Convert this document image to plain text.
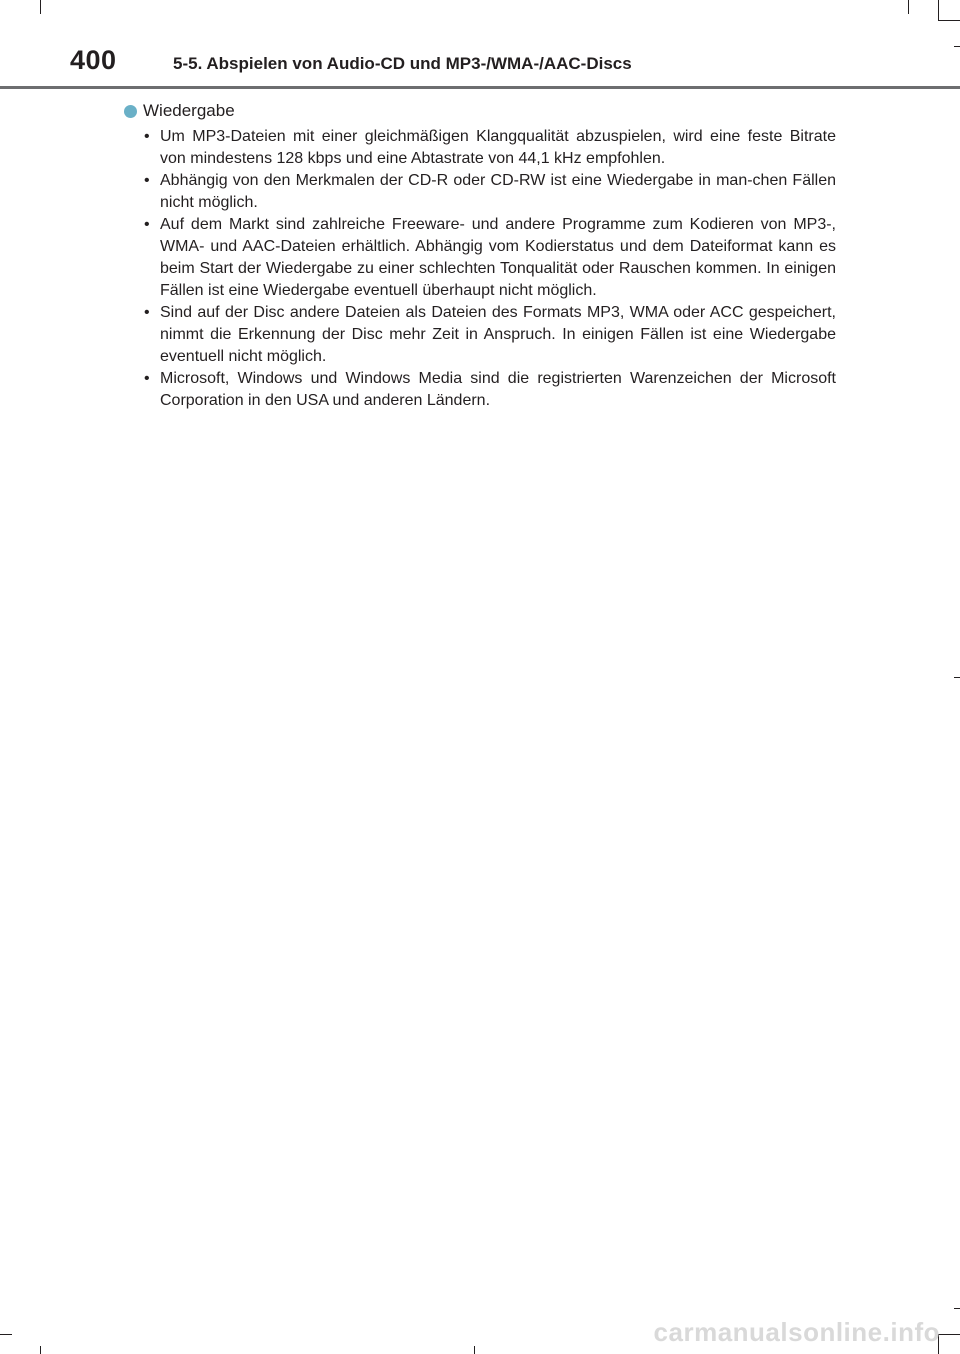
400	5-5. Abspielen von Audio-CD und MP3-/WMA-/AAC-Discs
Wiedergabe
• Um MP3-Dateien mit einer gleichmäßigen Klangqualität abzuspielen, wird eine feste Bitrate von mindestens 128 kbps und eine Abtastrate von 44,1 kHz empfohlen.
• Abhängig von den Merkmalen der CD-R oder CD-RW ist eine Wiedergabe in man-chen Fällen nicht möglich.
• Auf dem Markt sind zahlreiche Freeware- und andere Programme zum Kodieren von MP3-, WMA- und AAC-Dateien erhältlich. Abhängig vom Kodierstatus und dem Dateiformat kann es beim Start der Wiedergabe zu einer schlechten Tonqualität oder Rauschen kommen. In einigen Fällen ist eine Wiedergabe eventuell überhaupt nicht möglich.
• Sind auf der Disc andere Dateien als Dateien des Formats MP3, WMA oder ACC gespeichert, nimmt die Erkennung der Disc mehr Zeit in Anspruch. In einigen Fällen ist eine Wiedergabe eventuell nicht möglich.
• Microsoft, Windows und Windows Media sind die registrierten Warenzeichen der Microsoft Corporation in den USA und anderen Ländern.
carmanualsonline.info
